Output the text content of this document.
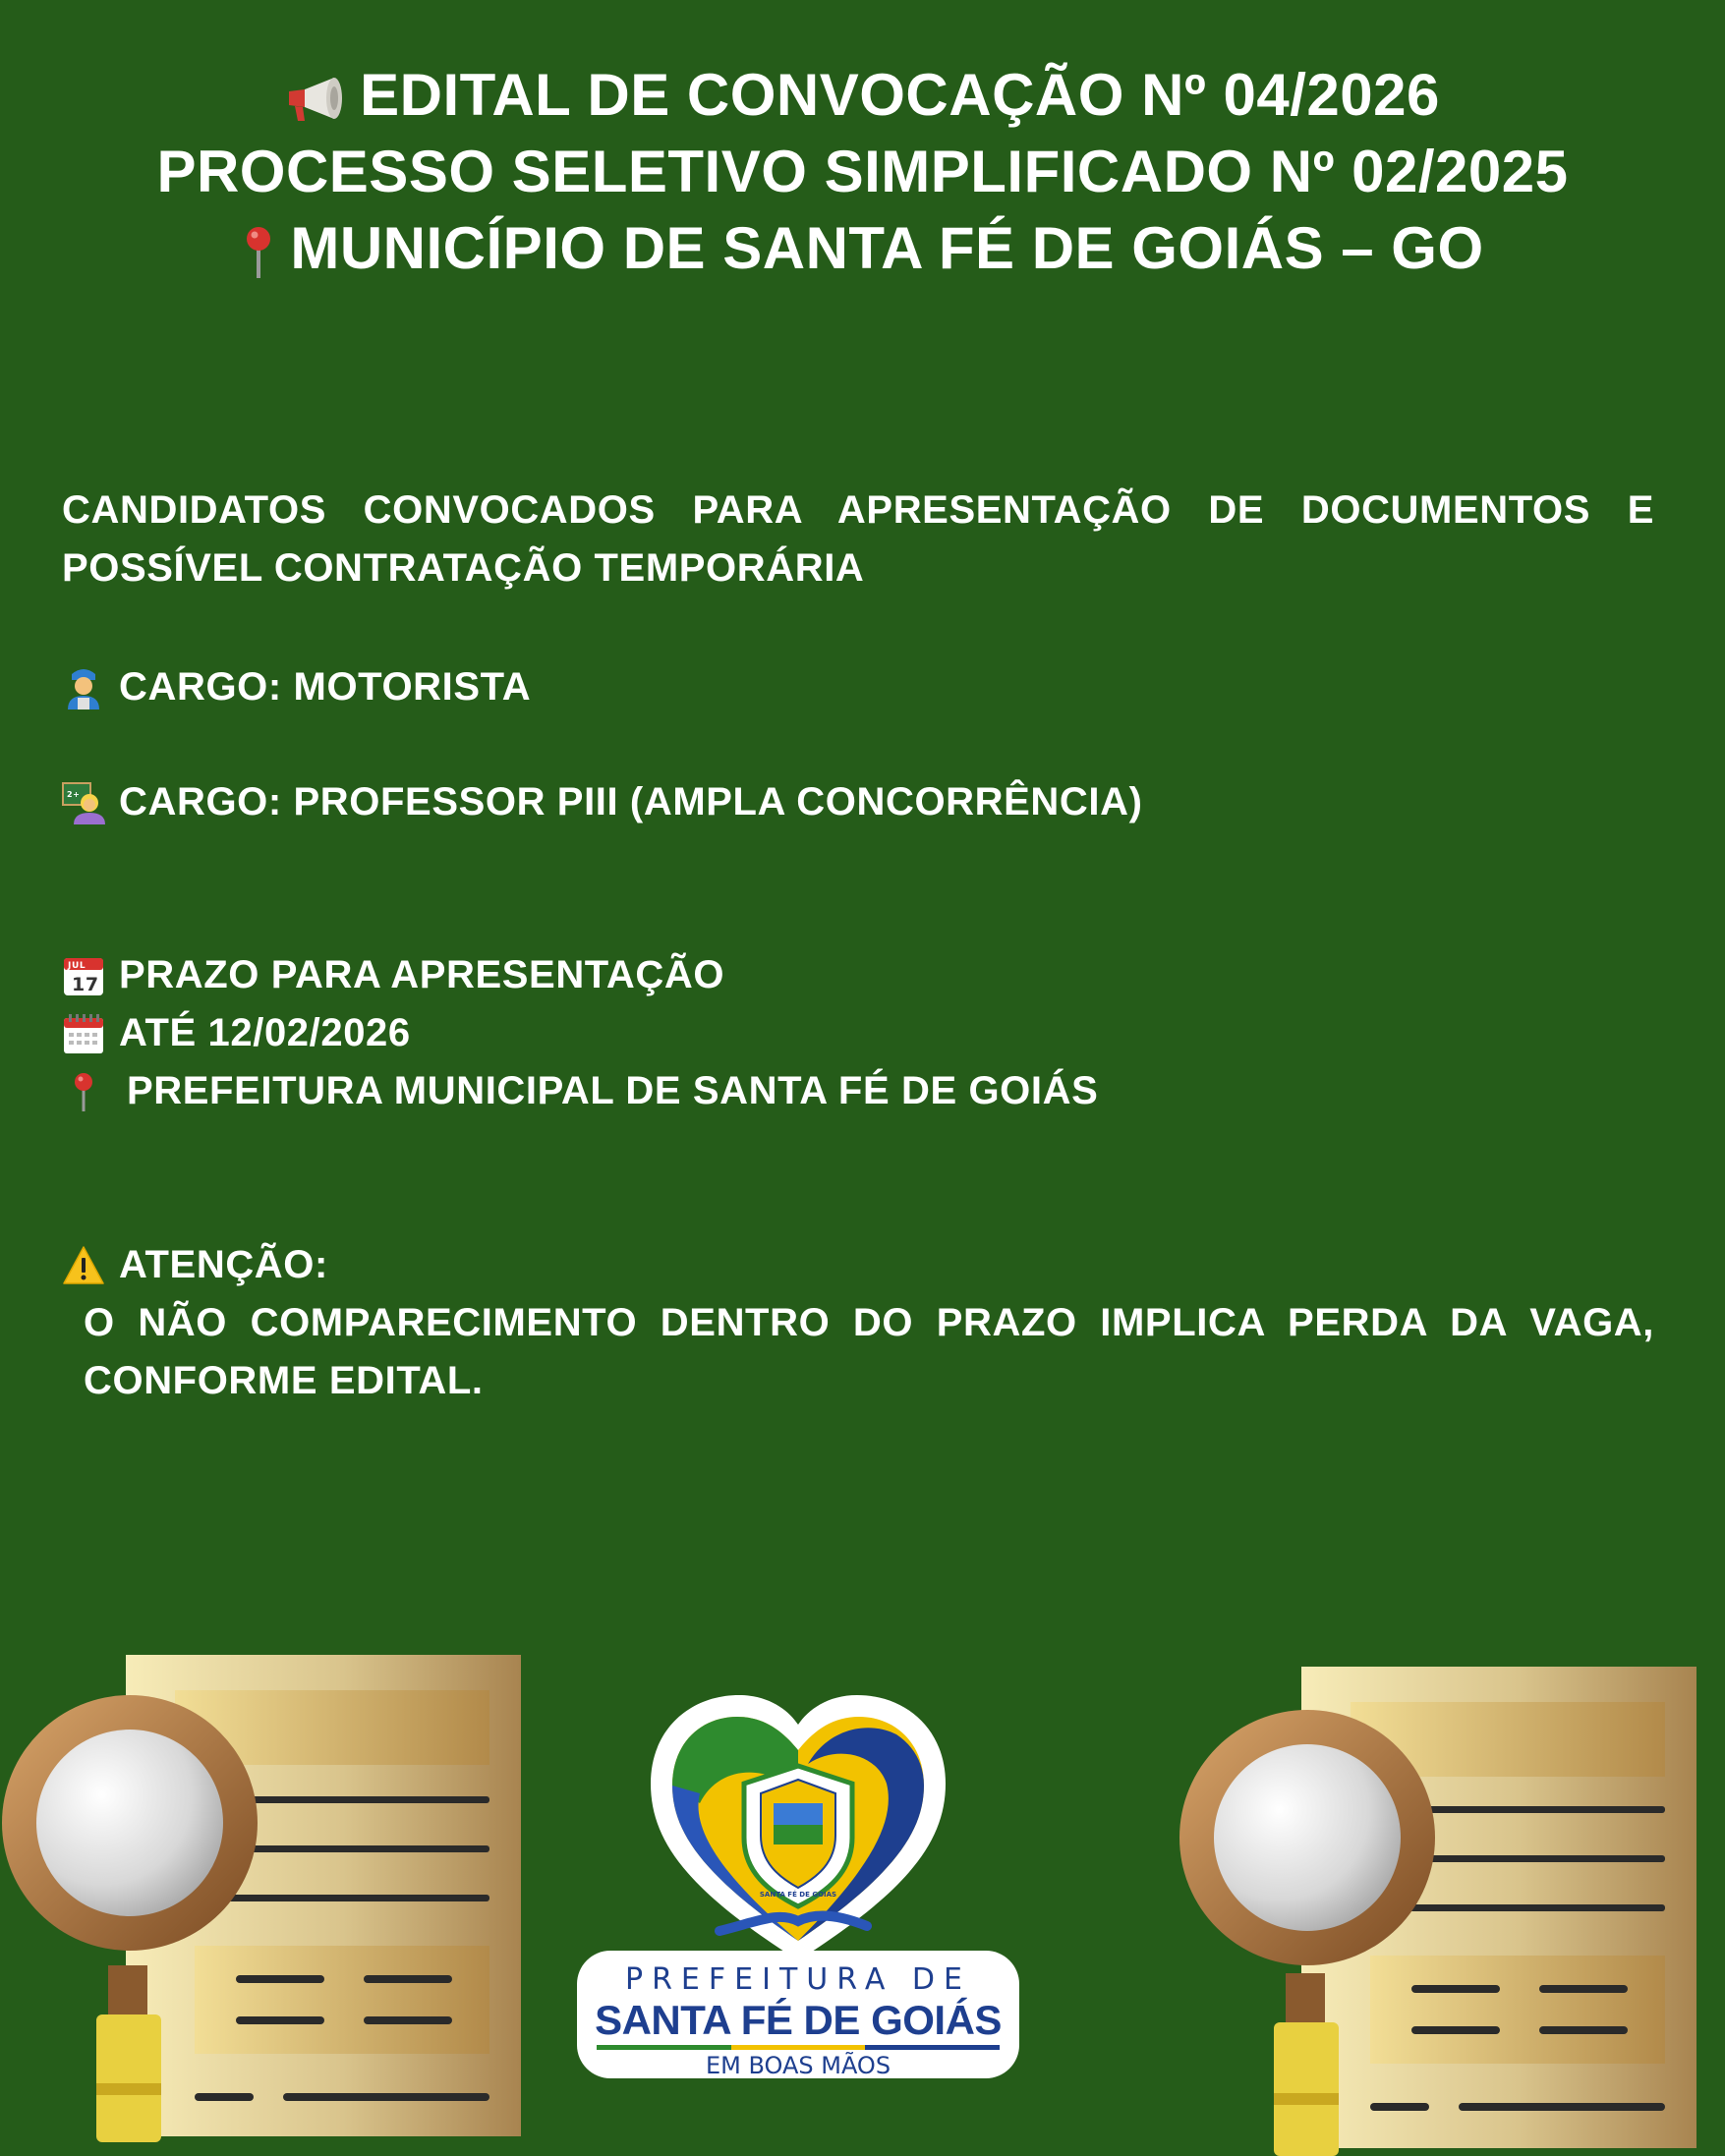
EDITAL DE CONVOCAÇÃO Nº 04/2026
PROCESSO SELETIVO SIMPLIFICADO Nº 02/2025
MUNICÍPIO DE SANTA FÉ DE GOIÁS – GO
CANDIDATOS CONVOCADOS PARA APRESENTAÇÃO DE DOCUMENTOS E POSSÍVEL CONTRATAÇÃO TEMPORÁRIA
CARGO: MOTORISTA
2+ CARGO: PROFESSOR PIII (AMPLA CONCORRÊNCIA)
JUL
17 PRAZO PARA APRESENTAÇÃO
ATÉ 12/02/2026
PREFEITURA MUNICIPAL DE SANTA FÉ DE GOIÁS
ATENÇÃO:
O NÃO COMPARECIMENTO DENTRO DO PRAZO IMPLICA PERDA DA VAGA, CONFORME EDITAL.
SANTA FÉ DE GOIÁS
PREFEITURA DE
SANTA FÉ DE GOIÁS
EM BOAS MÃOS
